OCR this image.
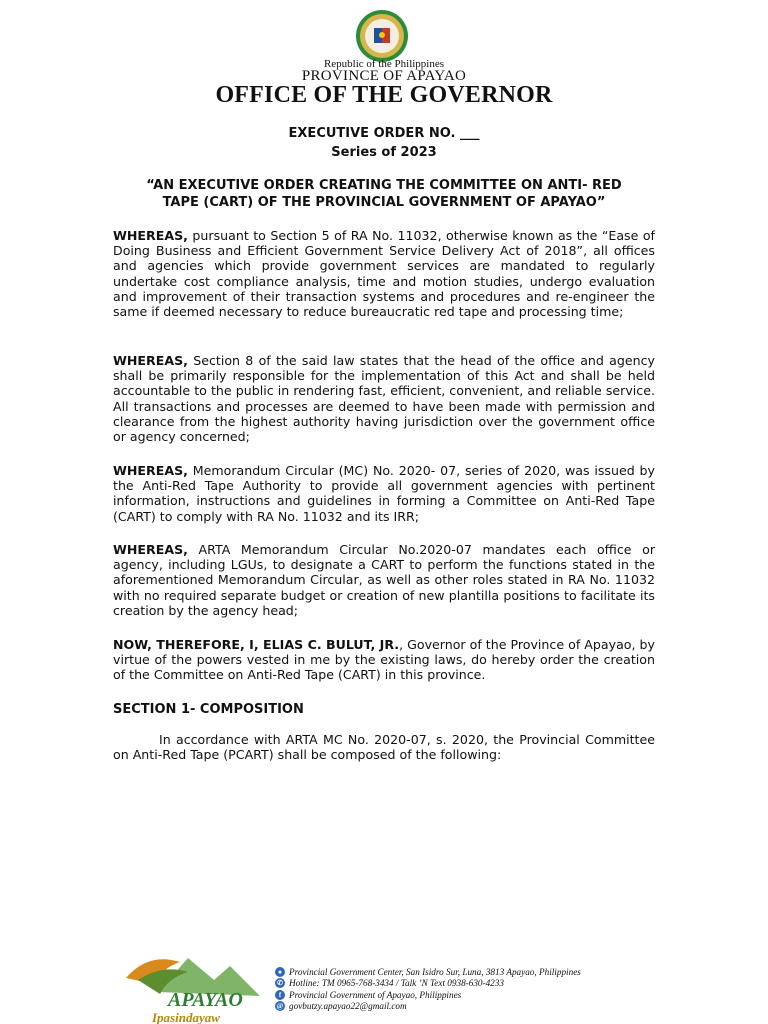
Republic of the Philippines
PROVINCE OF APAYAO
OFFICE OF THE GOVERNOR
EXECUTIVE ORDER NO. ___
Series of 2023
“AN EXECUTIVE ORDER CREATING THE COMMITTEE ON ANTI- RED
TAPE (CART) OF THE PROVINCIAL GOVERNMENT OF APAYAO”
WHEREAS, pursuant to Section 5 of RA No. 11032, otherwise known as the “Ease of Doing Business and Efficient Government Service Delivery Act of 2018”, all offices and agencies which provide government services are mandated to regularly undertake cost compliance analysis, time and motion studies, undergo evaluation and improvement of their transaction systems and procedures and re-engineer the same if deemed necessary to reduce bureaucratic red tape and processing time;
WHEREAS, Section 8 of the said law states that the head of the office and agency shall be primarily responsible for the implementation of this Act and shall be held accountable to the public in rendering fast, efficient, convenient, and reliable service. All transactions and processes are deemed to have been made with permission and clearance from the highest authority having jurisdiction over the government office or agency concerned;
WHEREAS, Memorandum Circular (MC) No. 2020- 07, series of 2020, was issued by the Anti-Red Tape Authority to provide all government agencies with pertinent information, instructions and guidelines in forming a Committee on Anti-Red Tape (CART) to comply with RA No. 11032 and its IRR;
WHEREAS, ARTA Memorandum Circular No.2020-07 mandates each office or agency, including LGUs, to designate a CART to perform the functions stated in the aforementioned Memorandum Circular, as well as other roles stated in RA No. 11032 with no required separate budget or creation of new plantilla positions to facilitate its creation by the agency head;
NOW, THEREFORE, I, ELIAS C. BULUT, JR., Governor of the Province of Apayao, by virtue of the powers vested in me by the existing laws, do hereby order the creation of the Committee on Anti-Red Tape (CART) in this province.
SECTION 1- COMPOSITION
In accordance with ARTA MC No. 2020-07, s. 2020, the Provincial Committee on Anti-Red Tape (PCART) shall be composed of the following:
APAYAO
Ipasindayaw
● Provincial Government Center, San Isidro Sur, Luna, 3813 Apayao, Philippines
✆ Hotline: TM 0965-768-3434 / Talk ’N Text 0938-630-4233
f Provincial Government of Apayao, Philippines
@ govbutzy.apayao22@gmail.com
